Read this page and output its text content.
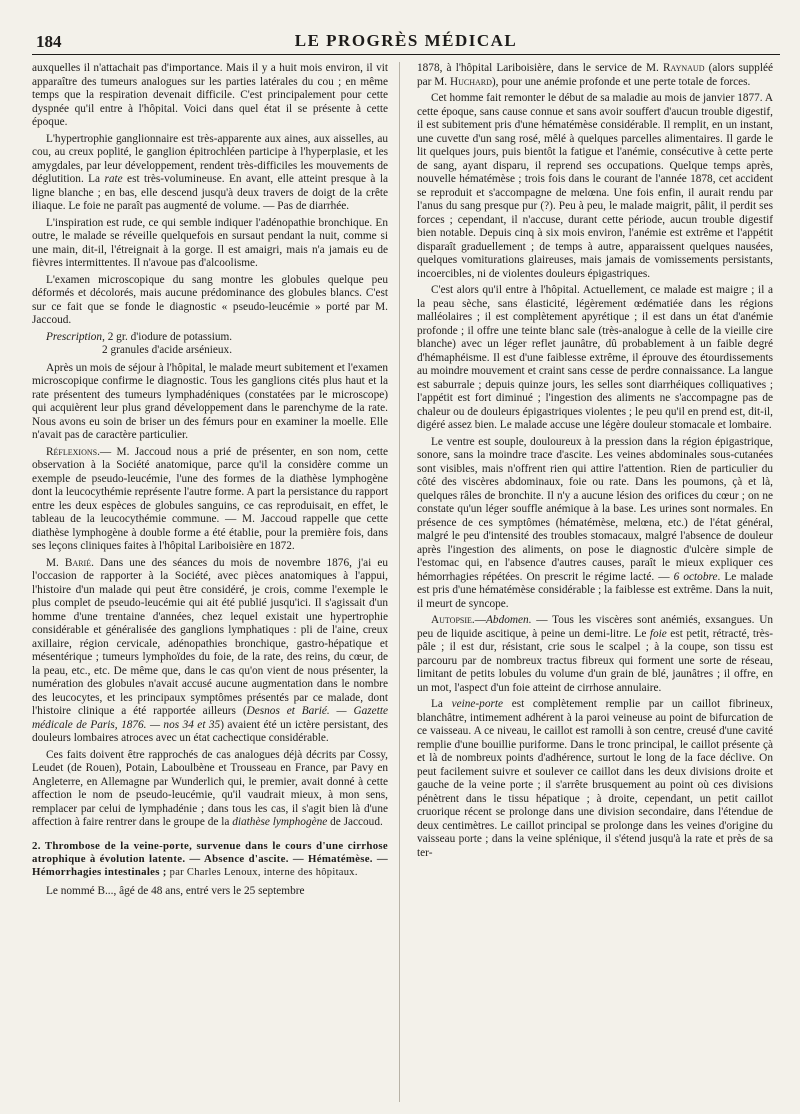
184	LE PROGRÈS MÉDICAL

auxquelles il n'attachait pas d'importance. Mais il y a huit mois environ, il vit apparaître des tumeurs analogues sur les parties latérales du cou ; en même temps que la respiration devenait difficile. C'est principalement pour cette dyspnée qu'il entre à l'hôpital. Voici dans quel état il se présente à cette époque.

L'hypertrophie ganglionnaire est très-apparente aux aines, aux aisselles, au cou, au creux poplité, le ganglion épitrochléen participe à l'hyperplasie, et les amygdales, par leur développement, rendent très-difficiles les mouvements de déglutition. La rate est très-volumineuse. En avant, elle atteint presque à la ligne blanche ; en bas, elle descend jusqu'à deux travers de doigt de la crête iliaque. Le foie ne paraît pas augmenté de volume. — Pas de diarrhée.

L'inspiration est rude, ce qui semble indiquer l'adénopathie bronchique. En outre, le malade se réveille quelquefois en sursaut pendant la nuit, comme si une main, dit-il, l'étreignait à la gorge. Il est amaigri, mais n'a jamais eu de fièvres intermittentes. Il n'avoue pas d'alcoolisme.

L'examen microscopique du sang montre les globules quelque peu déformés et décolorés, mais aucune prédominance des globules blancs. C'est sur ce fait que se fonde le diagnostic « pseudo-leucémie » porté par M. Jaccoud.

Prescription, 2 gr. d'iodure de potassium.
2 granules d'acide arsénieux.

Après un mois de séjour à l'hôpital, le malade meurt subitement et l'examen microscopique confirme le diagnostic. Tous les ganglions cités plus haut et la rate présentent des tumeurs lymphadéniques (constatées par le microscope) qui acquièrent leur plus grand développement dans le parenchyme de la rate. Nous avons eu soin de briser un des fémurs pour en examiner la moelle. Elle n'avait pas de caractère particulier.

Réflexions.— M. Jaccoud nous a prié de présenter, en son nom, cette observation à la Société anatomique, parce qu'il la considère comme un exemple de pseudo-leucémie, l'une des formes de la diathèse lymphogène dont la leucocythémie représente l'autre forme. A part la persistance du rapport entre les deux espèces de globules sanguins, ce cas reproduisait, en effet, le tableau de la leucocythémie commune. — M. Jaccoud rappelle que cette diathèse lymphogène à double forme a été établie, pour la première fois, dans ses leçons cliniques faites à l'hôpital Lariboisière en 1872.

M. Barié. Dans une des séances du mois de novembre 1876, j'ai eu l'occasion de rapporter à la Société, avec pièces anatomiques à l'appui, l'histoire d'un malade qui peut être considéré, je crois, comme l'exemple le plus complet de pseudo-leucémie qui ait été publié jusqu'ici. Il s'agissait d'un homme d'une trentaine d'années, chez lequel existait une hypertrophie considérable et généralisée des ganglions lymphatiques : pli de l'aine, creux axillaire, région cervicale, adénopathies bronchique, gastro-hépatique et mésentérique ; tumeurs lymphoïdes du foie, de la rate, des reins, du cœur, de la peau, etc., etc. De même que, dans le cas qu'on vient de nous présenter, la numération des globules n'avait accusé aucune augmentation dans le nombre des leucocytes, et les principaux symptômes présentés par ce malade, dont l'histoire clinique a été rapportée ailleurs (Desnos et Barié. — Gazette médicale de Paris, 1876. — nos 34 et 35) avaient été un ictère persistant, des douleurs lombaires atroces avec un état cachectique considérable.

Ces faits doivent être rapprochés de cas analogues déjà décrits par Cossy, Leudet (de Rouen), Potain, Laboulbène et Trousseau en France, par Pavy en Angleterre, en Allemagne par Wunderlich qui, le premier, avait donné à cette affection le nom de pseudo-leucémie, qu'il vaudrait mieux, à mon sens, remplacer par celui de lymphadénie ; dans tous les cas, il s'agit bien là d'une affection à faire rentrer dans le groupe de la diathèse lymphogène de Jaccoud.

2. Thrombose de la veine-porte, survenue dans le cours d'une cirrhose atrophique à évolution latente. — Absence d'ascite. — Hématémèse. — Hémorrhagies intestinales ; par Charles Lenoux, interne des hôpitaux.

Le nommé B..., âgé de 48 ans, entré vers le 25 septembre

1878, à l'hôpital Lariboisière, dans le service de M. Raynaud (alors suppléé par M. Huchard), pour une anémie profonde et une perte totale de forces.

Cet homme fait remonter le début de sa maladie au mois de janvier 1877. A cette époque, sans cause connue et sans avoir souffert d'aucun trouble digestif, il est subitement pris d'une hématémèse considérable. Il remplit, en un instant, une cuvette d'un sang rosé, mêlé à quelques parcelles alimentaires. Il garde le lit quelques jours, puis bientôt la fatigue et l'anémie, consécutive à cette perte de sang, ayant disparu, il reprend ses occupations. Quelque temps après, nouvelle hématémèse ; trois fois dans le courant de l'année 1878, cet accident se reproduit et s'accompagne de melœna. Une fois enfin, il aurait rendu par l'anus du sang presque pur (?). Peu à peu, le malade maigrit, pâlit, il perdit ses forces ; cependant, il n'accuse, durant cette période, aucun trouble digestif bien notable. Depuis cinq à six mois environ, l'anémie est extrême et l'appétit disparaît graduellement ; de temps à autre, apparaissent quelques nausées, quelques vomiturations glaireuses, mais jamais de vomissements persistants, incoercibles, ni de violentes douleurs épigastriques.

C'est alors qu'il entre à l'hôpital. Actuellement, ce malade est maigre ; il a la peau sèche, sans élasticité, légèrement œdématiée dans les régions malléolaires ; il est complètement apyrétique ; il est dans un état d'anémie profonde ; il offre une teinte blanc sale (très-analogue à celle de la vieille cire blanche) avec un léger reflet jaunâtre, dû probablement à un faible degré d'hémaphéisme. Il est d'une faiblesse extrême, il éprouve des étourdissements au moindre mouvement et craint sans cesse de perdre connaissance. La langue est saburrale ; depuis quinze jours, les selles sont diarrhéiques colliquatives ; l'appétit est fort diminué ; l'ingestion des aliments ne s'accompagne pas de chaleur ou de douleurs épigastriques violentes ; le peu qu'il en prend est, dit-il, digéré assez bien. Le malade accuse une légère douleur stomacale et lombaire.

Le ventre est souple, douloureux à la pression dans la région épigastrique, sonore, sans la moindre trace d'ascite. Les veines abdominales sous-cutanées sont visibles, mais n'offrent rien qui attire l'attention. Rien de particulier du côté des viscères abdominaux, foie ou rate. Dans les poumons, çà et là, quelques râles de bronchite. Il n'y a aucune lésion des orifices du cœur ; on ne constate qu'un léger souffle anémique à la base. Les urines sont normales. En présence de ces symptômes (hématémèse, melœna, etc.) de l'état général, malgré le peu d'intensité des troubles stomacaux, malgré l'absence de douleur après l'ingestion des aliments, on pose le diagnostic d'ulcère simple de l'estomac qui, en l'absence d'autres causes, paraît le mieux expliquer ces hémorrhagies répétées. On prescrit le régime lacté. — 6 octobre. Le malade est pris d'une hématémèse considérable ; la faiblesse est extrême. Dans la nuit, il meurt de syncope.

Autopsie.—Abdomen. — Tous les viscères sont anémiés, exsangues. Un peu de liquide ascitique, à peine un demi-litre. Le foie est petit, rétracté, très-pâle ; il est dur, résistant, crie sous le scalpel ; à la coupe, son tissu est parcouru par de nombreux tractus fibreux qui forment une sorte de réseau, limitant de petits lobules du volume d'un grain de blé, jaunâtres ; il offre, en un mot, l'aspect d'un foie atteint de cirrhose annulaire.

La veine-porte est complètement remplie par un caillot fibrineux, blanchâtre, intimement adhérent à la paroi veineuse au point de bifurcation de ce vaisseau. A ce niveau, le caillot est ramolli à son centre, creusé d'une cavité remplie d'une bouillie puriforme. Dans le tronc principal, le caillot présente çà et là de nombreux points d'adhérence, surtout le long de la face déclive. On peut facilement suivre et soulever ce caillot dans les deux divisions droite et gauche de la veine porte ; il s'arrête brusquement au point où ces divisions pénètrent dans le tissu hépatique ; à droite, cependant, un petit caillot cruorique récent se prolonge dans une division secondaire, dans l'étendue de deux centimètres. Le caillot principal se prolonge dans les veines d'origine du vaisseau porte ; dans la veine splénique, il s'étend jusqu'à la rate et près de sa ter-
